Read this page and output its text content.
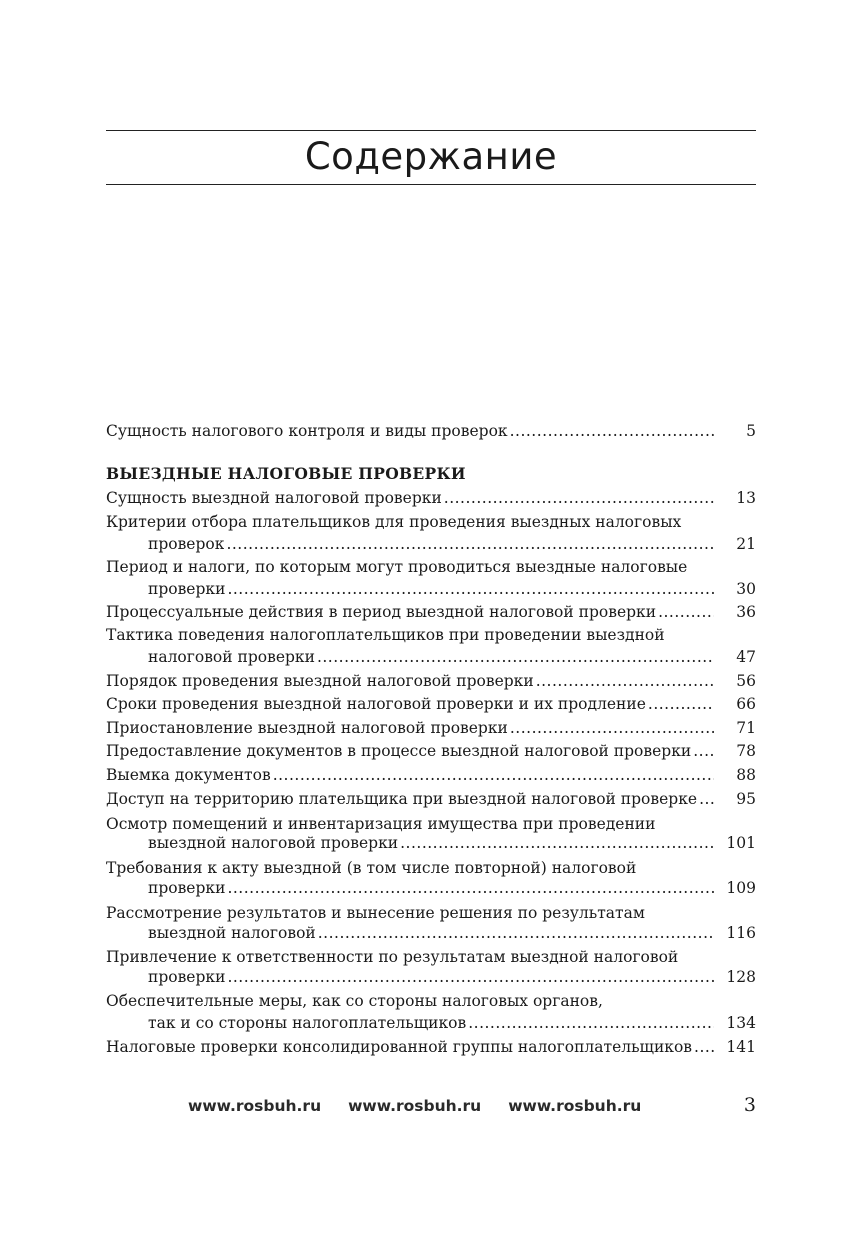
Содержание
Сущность налогового контроля и виды проверок .....	5
ВЫЕЗДНЫЕ НАЛОГОВЫЕ ПРОВЕРКИ
Сущность выездной налоговой проверки .....	13
Критерии отбора плательщиков для проведения выездных налоговых
проверок .....	21
Период и налоги, по которым могут проводиться выездные налоговые
проверки .....	30
Процессуальные действия в период выездной налоговой проверки .....	36
Тактика поведения налогоплательщиков при проведении выездной
налоговой проверки .....	47
Порядок проведения выездной налоговой проверки .....	56
Сроки проведения выездной налоговой проверки и их продление .....	66
Приостановление выездной налоговой проверки .....	71
Предоставление документов в процессе выездной налоговой проверки .....	78
Выемка документов .....	88
Доступ на территорию плательщика при выездной налоговой проверке .....	95
Осмотр помещений и инвентаризация имущества при проведении
выездной налоговой проверки .....	101
Требования к акту выездной (в том числе повторной) налоговой
проверки .....	109
Рассмотрение результатов и вынесение решения по результатам
выездной налоговой .....	116
Привлечение к ответственности по результатам выездной налоговой
проверки .....	128
Обеспечительные меры, как со стороны налоговых органов,
так и со стороны налогоплательщиков .....	134
Налоговые проверки консолидированной группы налогоплательщиков .....	141
www.rosbuh.ru www.rosbuh.ru www.rosbuh.ru	3
